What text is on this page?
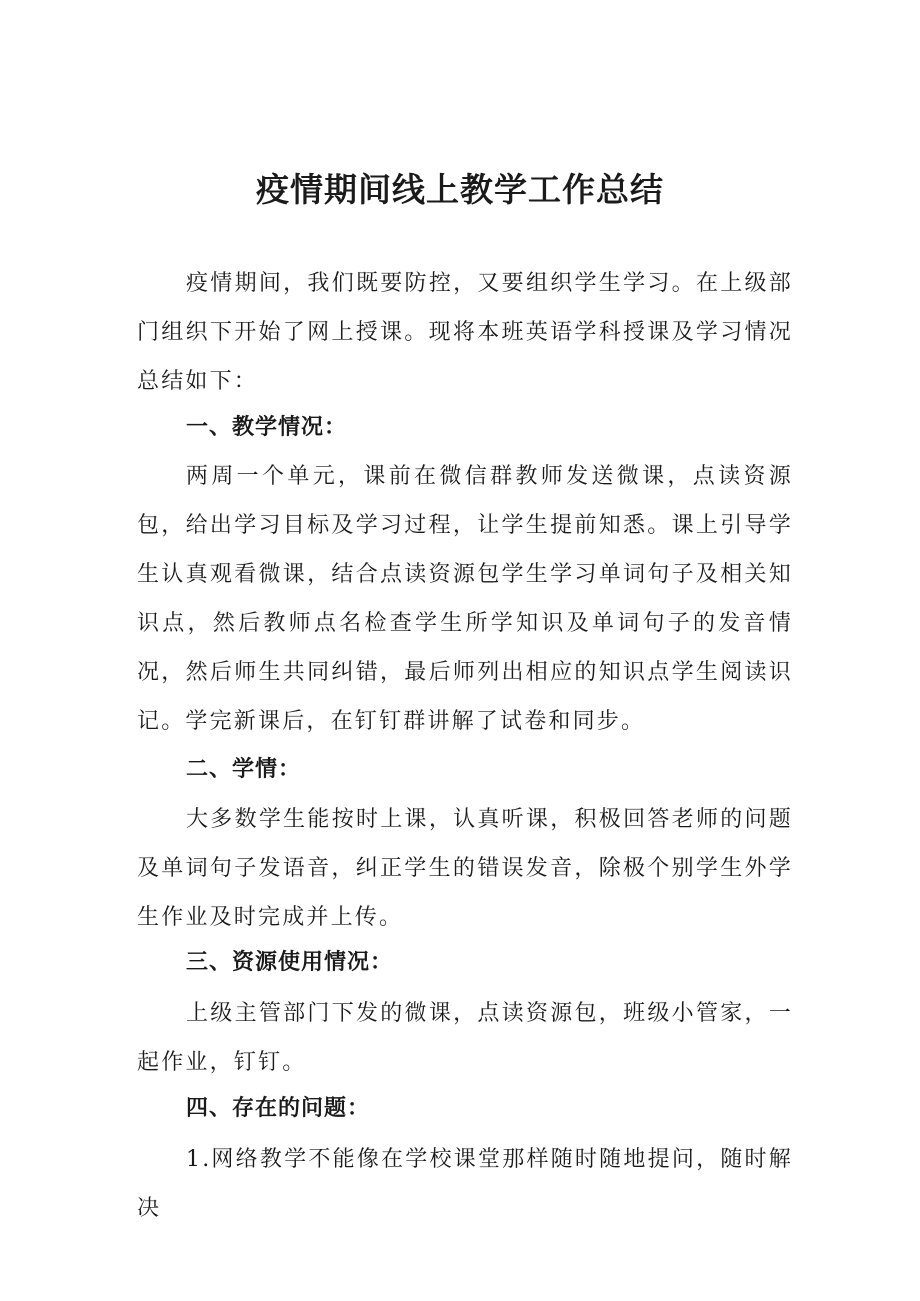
疫情期间线上教学工作总结

疫情期间，我们既要防控，又要组织学生学习。在上级部门组织下开始了网上授课。现将本班英语学科授课及学习情况总结如下：

一、教学情况：

两周一个单元，课前在微信群教师发送微课，点读资源包，给出学习目标及学习过程，让学生提前知悉。课上引导学生认真观看微课，结合点读资源包学生学习单词句子及相关知识点，然后教师点名检查学生所学知识及单词句子的发音情况，然后师生共同纠错，最后师列出相应的知识点学生阅读识记。学完新课后，在钉钉群讲解了试卷和同步。

二、学情：

大多数学生能按时上课，认真听课，积极回答老师的问题及单词句子发语音，纠正学生的错误发音，除极个别学生外学生作业及时完成并上传。

三、资源使用情况：

上级主管部门下发的微课，点读资源包，班级小管家，一起作业，钉钉。

四、存在的问题：

1.网络教学不能像在学校课堂那样随时随地提问，随时解决
